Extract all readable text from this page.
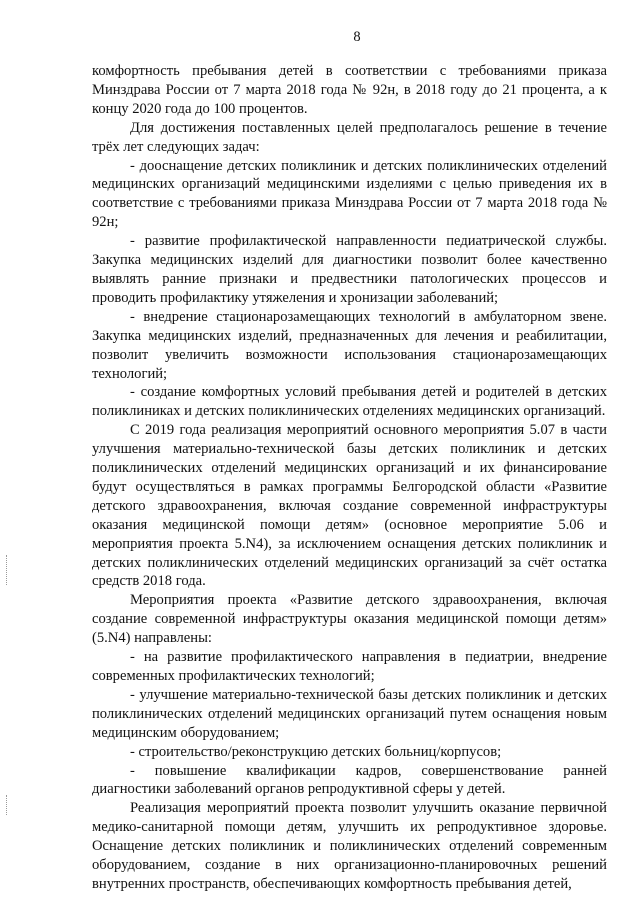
8

комфортность пребывания детей в соответствии с требованиями приказа Минздрава России от 7 марта 2018 года № 92н, в 2018 году до 21 процента, а к концу 2020 года до 100 процентов.

Для достижения поставленных целей предполагалось решение в течение трёх лет следующих задач:

- дооснащение детских поликлиник и детских поликлинических отделений медицинских организаций медицинскими изделиями с целью приведения их в соответствие с требованиями приказа Минздрава России от 7 марта 2018 года № 92н;

- развитие профилактической направленности педиатрической службы. Закупка медицинских изделий для диагностики позволит более качественно выявлять ранние признаки и предвестники патологических процессов и проводить профилактику утяжеления и хронизации заболеваний;

- внедрение стационарозамещающих технологий в амбулаторном звене. Закупка медицинских изделий, предназначенных для лечения и реабилитации, позволит увеличить возможности использования стационарозамещающих технологий;

- создание комфортных условий пребывания детей и родителей в детских поликлиниках и детских поликлинических отделениях медицинских организаций.

С 2019 года реализация мероприятий основного мероприятия 5.07 в части улучшения материально-технической базы детских поликлиник и детских поликлинических отделений медицинских организаций и их финансирование будут осуществляться в рамках программы Белгородской области «Развитие детского здравоохранения, включая создание современной инфраструктуры оказания медицинской помощи детям» (основное мероприятие 5.06 и мероприятия проекта 5.N4), за исключением оснащения детских поликлиник и детских поликлинических отделений медицинских организаций за счёт остатка средств 2018 года.

Мероприятия проекта «Развитие детского здравоохранения, включая создание современной инфраструктуры оказания медицинской помощи детям» (5.N4) направлены:

- на развитие профилактического направления в педиатрии, внедрение современных профилактических технологий;

- улучшение материально-технической базы детских поликлиник и детских поликлинических отделений медицинских организаций путем оснащения новым медицинским оборудованием;

- строительство/реконструкцию детских больниц/корпусов;

- повышение квалификации кадров, совершенствование ранней диагностики заболеваний органов репродуктивной сферы у детей.

Реализация мероприятий проекта позволит улучшить оказание первичной медико-санитарной помощи детям, улучшить их репродуктивное здоровье. Оснащение детских поликлиник и поликлинических отделений современным оборудованием, создание в них организационно-планировочных решений внутренних пространств, обеспечивающих комфортность пребывания детей,
